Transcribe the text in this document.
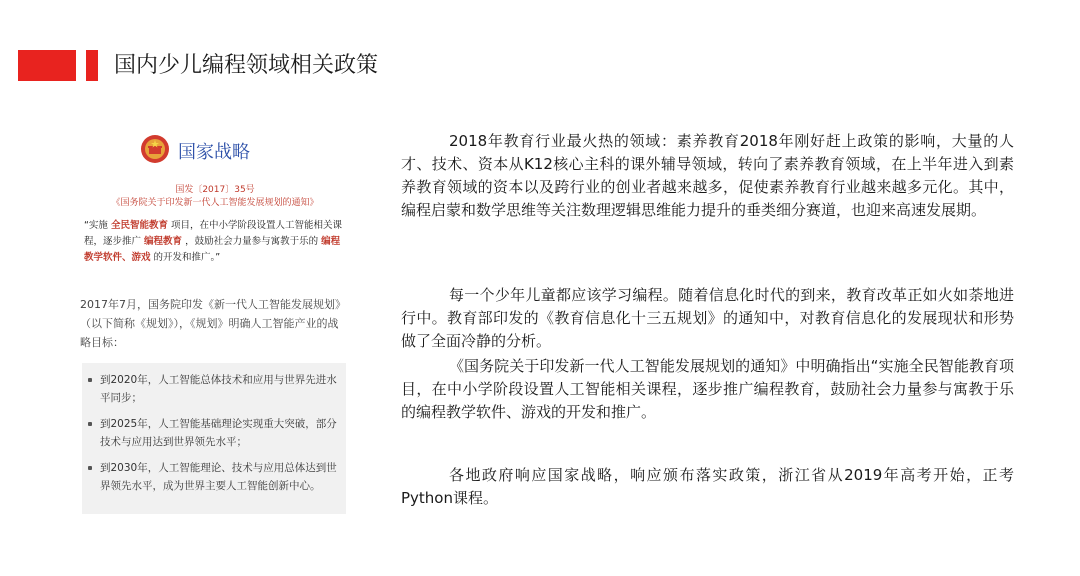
国内少儿编程领域相关政策
国家战略
国发〔2017〕35号
《国务院关于印发新一代人工智能发展规划的通知》
“实施 全民智能教育 项目，在中小学阶段设置人工智能相关课程，逐步推广 编程教育 ，鼓励社会力量参与寓教于乐的 编程教学软件、游戏 的开发和推广。”
2017年7月，国务院印发《新一代人工智能发展规划》（以下简称《规划》），《规划》明确人工智能产业的战略目标：
到2020年，人工智能总体技术和应用与世界先进水平同步；
到2025年，人工智能基础理论实现重大突破，部分技术与应用达到世界领先水平；
到2030年，人工智能理论、技术与应用总体达到世界领先水平，成为世界主要人工智能创新中心。
2018年教育行业最火热的领域：素养教育2018年刚好赶上政策的影响，大量的人才、技术、资本从K12核心主科的课外辅导领域，转向了素养教育领域，在上半年进入到素养教育领域的资本以及跨行业的创业者越来越多，促使素养教育行业越来越多元化。其中，编程启蒙和数学思维等关注数理逻辑思维能力提升的垂类细分赛道，也迎来高速发展期。
每一个少年儿童都应该学习编程。随着信息化时代的到来，教育改革正如火如荼地进行中。教育部印发的《教育信息化十三五规划》的通知中，对教育信息化的发展现状和形势做了全面冷静的分析。
《国务院关于印发新一代人工智能发展规划的通知》中明确指出“实施全民智能教育项目，在中小学阶段设置人工智能相关课程，逐步推广编程教育，鼓励社会力量参与寓教于乐的编程教学软件、游戏的开发和推广。
各地政府响应国家战略，响应颁布落实政策，浙江省从2019年高考开始，正考Python课程。
